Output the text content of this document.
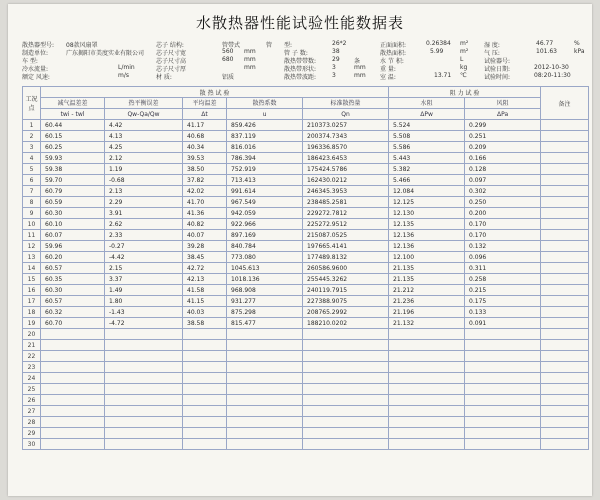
水散热器性能试验性能数据表
散热器型号: 08款风扇罩	芯子 结构:	管带式	管 型:	26*2	正面面积:	0.26384 m²	湿 度:	46.77	%
制造单位:	广东揭阳市美度实业有限公司 芯子尺寸宽	560 mm	管 子 数:	38	散热面积:	5.99	m²	气 压:	101.63	kPa
车 型:	芯子尺寸高	680 mm	散热带带数:	29 条	水 节 积:	L	试验器号:
冷水流量:	L/min	芯子尺寸厚	mm	散热带形状:	3	mm 重 量:	kg	试验日期:	2012-10-30
额定 风速:	m/s	材 质:	铝质	散热带波距:	3	mm 室 温:	13.71 ℃	试验时间:	08:20-11:30
工况点	散 热 试 验					阻 力 试 验		备注
	减气温差差	热平衡误差	平均温差	散热系数	标准散热量	水阻	风阻	
	twi - twl	Qw-Qa/Qw	Δt	u	Qn	ΔPw	ΔPa	
1	60.44	4.42	41.17	859.426	210373.0257	5.524	0.299	
2	60.15	4.13	40.68	837.119	200374.7343	5.508	0.251	
3	60.25	4.25	40.34	816.016	196336.8570	5.586	0.209	
4	59.93	2.12	39.53	786.394	186423.6453	5.443	0.166	
5	59.38	1.19	38.50	752.919	175424.5786	5.382	0.128	
6	59.70	-0.68	37.82	713.413	162430.0212	5.466	0.097	
7	60.79	2.13	42.02	991.614	246345.3953	12.084	0.302	
8	60.59	2.29	41.70	967.549	238485.2581	12.125	0.250	
9	60.30	3.91	41.36	942.059	229272.7812	12.130	0.200	
10	60.10	2.62	40.82	922.966	225272.9512	12.135	0.170	
11	60.07	2.33	40.07	897.169	215087.0525	12.136	0.170	
12	59.96	-0.27	39.28	840.784	197665.4141	12.136	0.132	
13	60.20	-4.42	38.45	773.080	177489.8132	12.100	0.096	
14	60.57	2.15	42.72	1045.613	260586.9600	21.135	0.311	
15	60.35	3.37	42.13	1018.136	255445.3262	21.135	0.258	
16	60.30	1.49	41.58	968.908	240119.7915	21.212	0.215	
17	60.57	1.80	41.15	931.277	227388.9075	21.236	0.175	
18	60.32	-1.43	40.03	875.298	208765.2992	21.196	0.133	
19	60.70	-4.72	38.58	815.477	188210.0202	21.132	0.091	
20								
21								
22								
23								
24								
25								
26								
27								
28								
29								
30								
